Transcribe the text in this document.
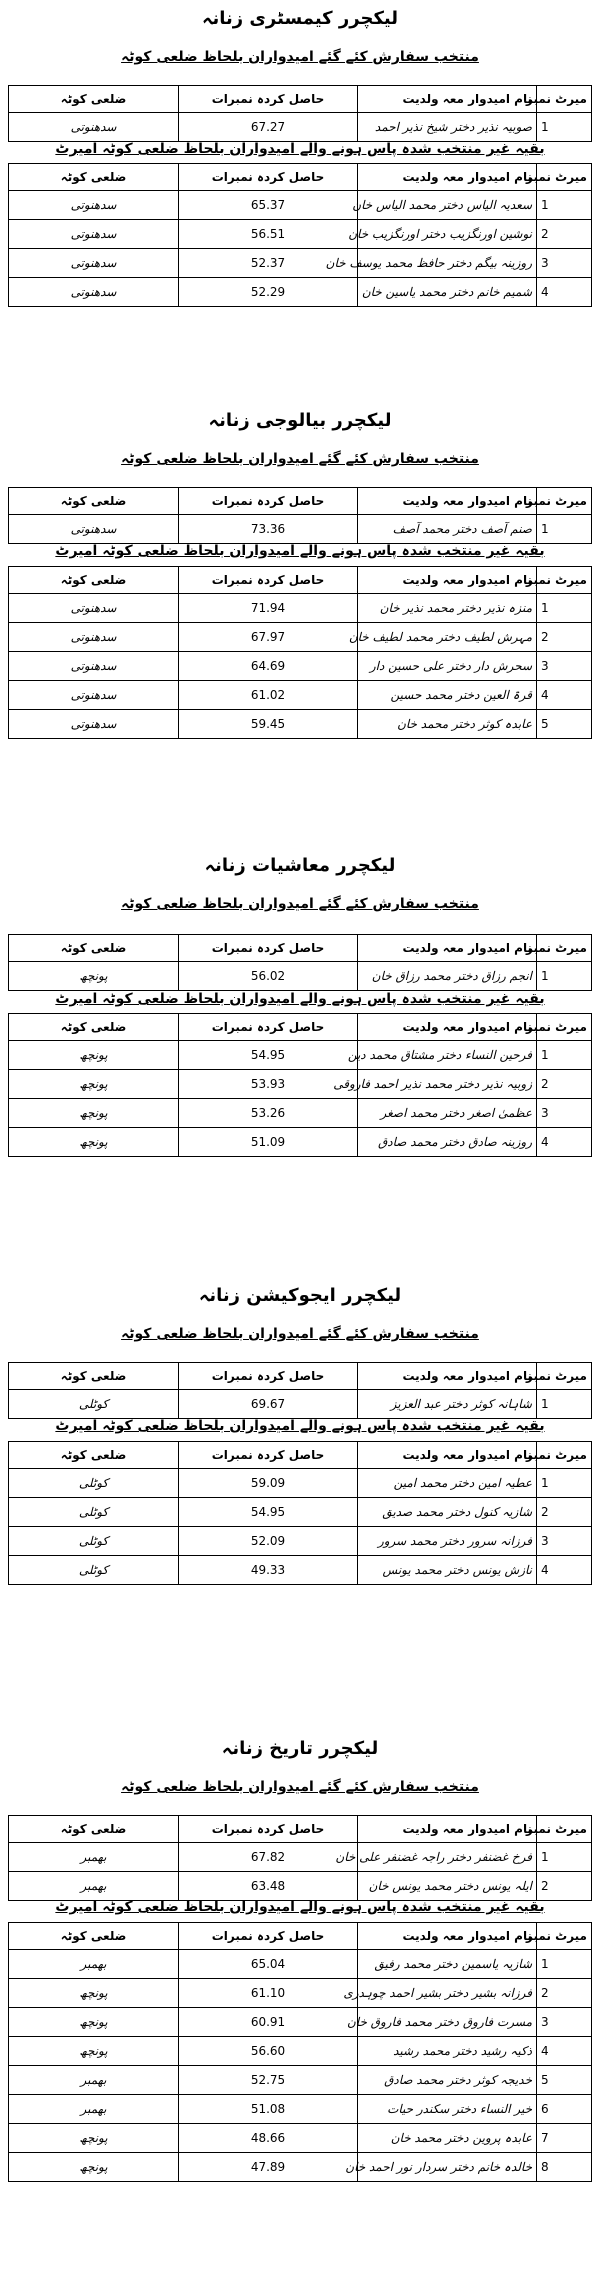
لیکچرر کیمسٹری زنانہ
منتخب سفارش کئے گئے امیدواران بلحاظ ضلعی کوٹہ
میرٹ نمبر	نام امیدوار معہ ولدیت	حاصل کردہ نمبرات	ضلعی کوٹہ
1	صوبیہ نذیر دختر شیخ نذیر احمد	67.27	سدھنوتی
بقیہ غیر منتخب شدہ پاس ہونے والے امیدواران بلحاظ ضلعی کوٹہ امیرٹ
میرٹ نمبر	نام امیدوار معہ ولدیت	حاصل کردہ نمبرات	ضلعی کوٹہ
1	سعدیہ الیاس دختر محمد الیاس خان	65.37	سدھنوتی
2	نوشین اورنگزیب دختر اورنگزیب خان	56.51	سدھنوتی
3	روزینہ بیگم دختر حافظ محمد یوسف خان	52.37	سدھنوتی
4	شمیم خانم دختر محمد یاسین خان	52.29	سدھنوتی
لیکچرر بیالوجی زنانہ
منتخب سفارش کئے گئے امیدواران بلحاظ ضلعی کوٹہ
میرٹ نمبر	نام امیدوار معہ ولدیت	حاصل کردہ نمبرات	ضلعی کوٹہ
1	صنم آصف دختر محمد آصف	73.36	سدھنوتی
بقیہ غیر منتخب شدہ پاس ہونے والے امیدواران بلحاظ ضلعی کوٹہ امیرٹ
میرٹ نمبر	نام امیدوار معہ ولدیت	حاصل کردہ نمبرات	ضلعی کوٹہ
1	منزہ نذیر دختر محمد نذیر خان	71.94	سدھنوتی
2	مہرش لطیف دختر محمد لطیف خان	67.97	سدھنوتی
3	سحرش دار دختر علی حسین دار	64.69	سدھنوتی
4	قرۃ العین دختر محمد حسین	61.02	سدھنوتی
5	عابدہ کوثر دختر محمد خان	59.45	سدھنوتی
لیکچرر معاشیات زنانہ
منتخب سفارش کئے گئے امیدواران بلحاظ ضلعی کوٹہ
میرٹ نمبر	نام امیدوار معہ ولدیت	حاصل کردہ نمبرات	ضلعی کوٹہ
1	انجم رزاق دختر محمد رزاق خان	56.02	پونچھ
بقیہ غیر منتخب شدہ پاس ہونے والے امیدواران بلحاظ ضلعی کوٹہ امیرٹ
میرٹ نمبر	نام امیدوار معہ ولدیت	حاصل کردہ نمبرات	ضلعی کوٹہ
1	فرحین النساء دختر مشتاق محمد دین	54.95	پونچھ
2	زوبیہ نذیر دختر محمد نذیر احمد فاروقی	53.93	پونچھ
3	عظمیٰ اصغر دختر محمد اصغر	53.26	پونچھ
4	روزینہ صادق دختر محمد صادق	51.09	پونچھ
لیکچرر ایجوکیشن زنانہ
منتخب سفارش کئے گئے امیدواران بلحاظ ضلعی کوٹہ
میرٹ نمبر	نام امیدوار معہ ولدیت	حاصل کردہ نمبرات	ضلعی کوٹہ
1	شاہانہ کوثر دختر عبد العزیز	69.67	کوٹلی
بقیہ غیر منتخب شدہ پاس ہونے والے امیدواران بلحاظ ضلعی کوٹہ امیرٹ
میرٹ نمبر	نام امیدوار معہ ولدیت	حاصل کردہ نمبرات	ضلعی کوٹہ
1	عطیہ امین دختر محمد امین	59.09	کوٹلی
2	شازیہ کنول دختر محمد صدیق	54.95	کوٹلی
3	فرزانہ سرور دختر محمد سرور	52.09	کوٹلی
4	نازش یونس دختر محمد یونس	49.33	کوٹلی
لیکچرر تاریخ زنانہ
منتخب سفارش کئے گئے امیدواران بلحاظ ضلعی کوٹہ
میرٹ نمبر	نام امیدوار معہ ولدیت	حاصل کردہ نمبرات	ضلعی کوٹہ
1	فرخ غضنفر دختر راجہ غضنفر علی خان	67.82	بھمبر
2	ایلہ یونس دختر محمد یونس خان	63.48	بھمبر
بقیہ غیر منتخب شدہ پاس ہونے والے امیدواران بلحاظ ضلعی کوٹہ امیرٹ
میرٹ نمبر	نام امیدوار معہ ولدیت	حاصل کردہ نمبرات	ضلعی کوٹہ
1	شازیہ یاسمین دختر محمد رفیق	65.04	بھمبر
2	فرزانہ بشیر دختر بشیر احمد چوہدری	61.10	پونچھ
3	مسرت فاروق دختر محمد فاروق خان	60.91	پونچھ
4	ذکیہ رشید دختر محمد رشید	56.60	پونچھ
5	خدیجہ کوثر دختر محمد صادق	52.75	بھمبر
6	خیر النساء دختر سکندر حیات	51.08	بھمبر
7	عابدہ پروین دختر محمد خان	48.66	پونچھ
8	خالدہ خانم دختر سردار نور احمد خان	47.89	پونچھ
